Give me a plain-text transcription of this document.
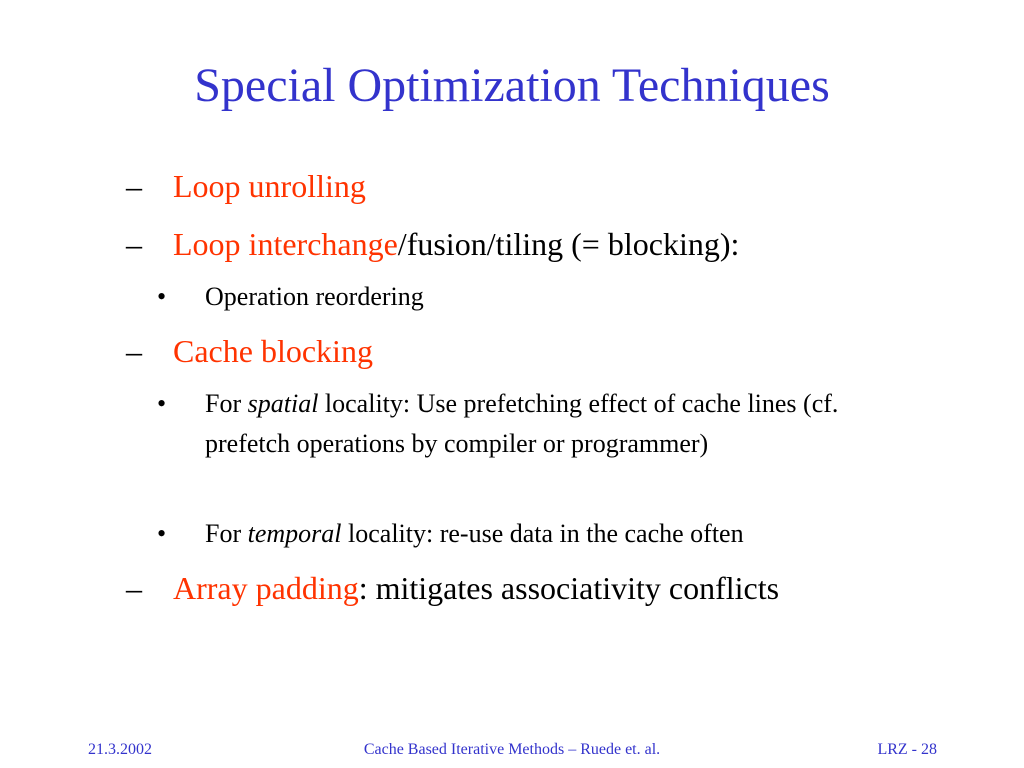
Special Optimization Techniques
– Loop unrolling
– Loop interchange/fusion/tiling (= blocking):
• Operation reordering
– Cache blocking
• For spatial locality: Use prefetching effect of cache lines (cf. prefetch operations by compiler or programmer)
• For temporal locality: re-use data in the cache often
– Array padding: mitigates associativity conflicts
21.3.2002	Cache Based Iterative Methods – Ruede et. al.	LRZ - 28
